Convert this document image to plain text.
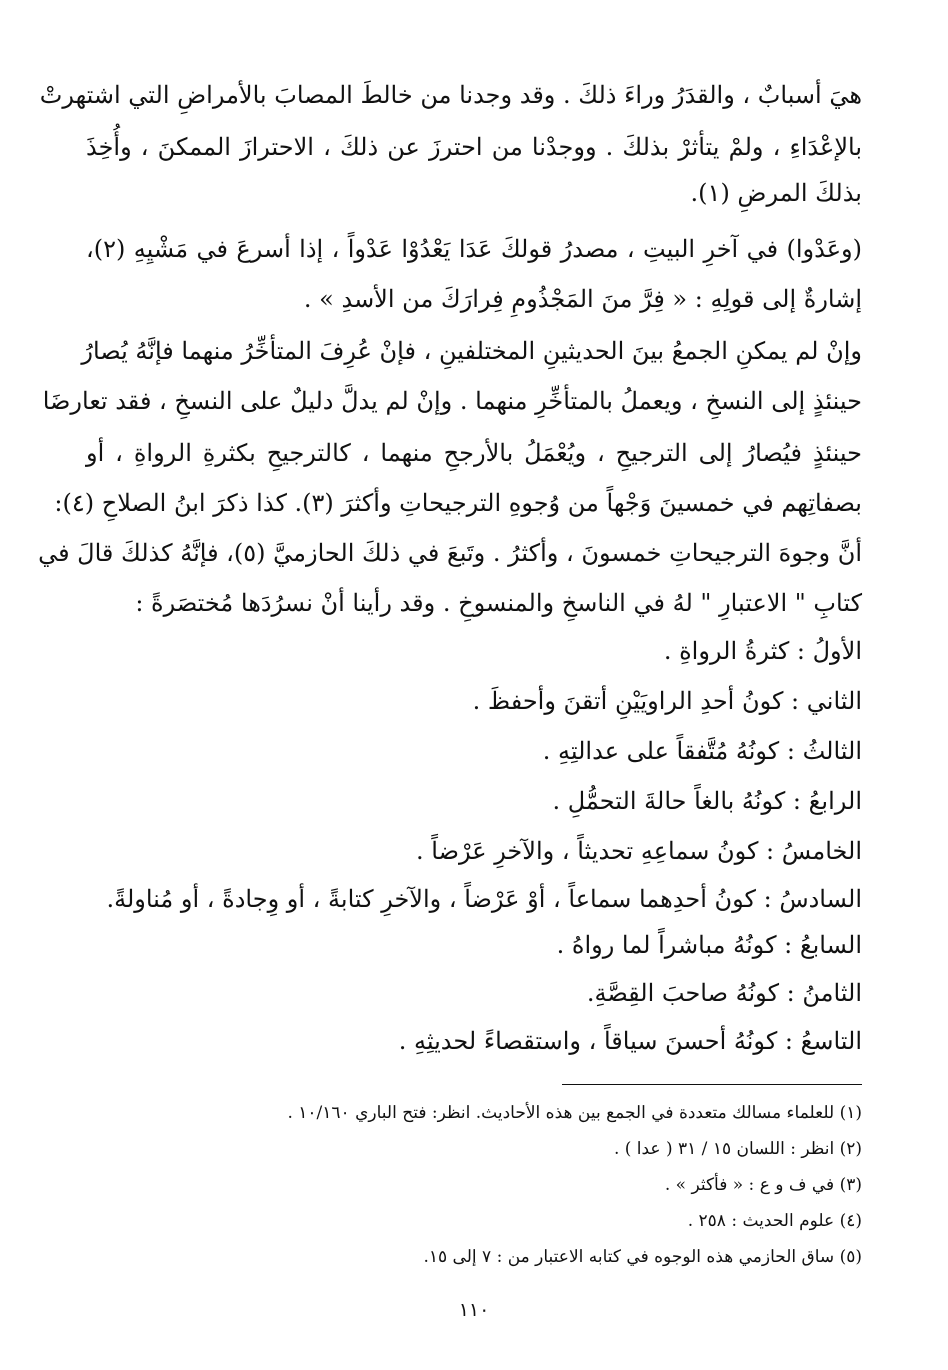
هيَ أسبابٌ ، والقدَرُ وراءَ ذلكَ . وقد وجدنا من خالطَ المصابَ بالأمراضِ التي اشتهرتْ
بالإعْدَاءِ ، ولمْ يتأثرْ بذلكَ . ووجدْنا من احترزَ عن ذلكَ ، الاحترازَ الممكنَ ، وأُخِذَ
بذلكَ المرضِ (١).
(وعَدْوا) في آخرِ البيتِ ، مصدرُ قولكَ عَدَا يَعْدُوْا عَدْواً ، إذا أسرعَ في مَشْيِهِ (٢)،
إشارةٌ إلى قولِهِ : « فِرَّ منَ المَجْذُومِ فِرارَكَ من الأسدِ » .
وإنْ لم يمكنِ الجمعُ بينَ الحديثينِ المختلفينِ ، فإنْ عُرِفَ المتأخِّرُ منهما فإنَّهُ يُصارُ
حينئذٍ إلى النسخِ ، ويعملُ بالمتأخِّرِ منهما . وإنْ لم يدلَّ دليلٌ على النسخِ ، فقد تعارضَا
حينئذٍ فيُصارُ إلى الترجيحِ ، ويُعْمَلُ بالأرجحِ منهما ، كالترجيحِ بكثرةِ الرواةِ ، أو
بصفاتِهم في خمسينَ وَجْهاً من وُجوهِ الترجيحاتِ وأكثرَ (٣). كذا ذكرَ ابنُ الصلاحِ (٤):
أنَّ وجوهَ الترجيحاتِ خمسونَ ، وأكثرُ . وتَبعَ في ذلكَ الحازميَّ (٥)، فإنَّهُ كذلكَ قالَ في
كتابِ " الاعتبارِ " لهُ في الناسخِ والمنسوخِ . وقد رأينا أنْ نسرُدَها مُختصَرةً :
الأولُ : كثرةُ الرواةِ .
الثاني : كونُ أحدِ الراويَيْنِ أتقنَ وأحفظَ .
الثالثُ : كونُهُ مُتَّفقاً على عدالتِهِ .
الرابعُ : كونُهُ بالغاً حالةَ التحمُّلِ .
الخامسُ : كونُ سماعِهِ تحديثاً ، والآخرِ عَرْضاً .
السادسُ : كونُ أحدِهما سماعاً ، أوْ عَرْضاً ، والآخرِ كتابةً ، أو وِجادةً ، أو مُناولةً.
السابعُ : كونُهُ مباشراً لما رواهُ .
الثامنُ : كونُهُ صاحبَ القِصَّةِ.
التاسعُ : كونُهُ أحسنَ سياقاً ، واستقصاءً لحديثِهِ .
(١) للعلماء مسالك متعددة في الجمع بين هذه الأحاديث. انظر: فتح الباري ١٠/١٦٠ .
(٢) انظر : اللسان ١٥ / ٣١ ( عدا ) .
(٣) في ف و ع : « فأكثر » .
(٤) علوم الحديث : ٢٥٨ .
(٥) ساق الحازمي هذه الوجوه في كتابه الاعتبار من : ٧ إلى ١٥.
١١٠
